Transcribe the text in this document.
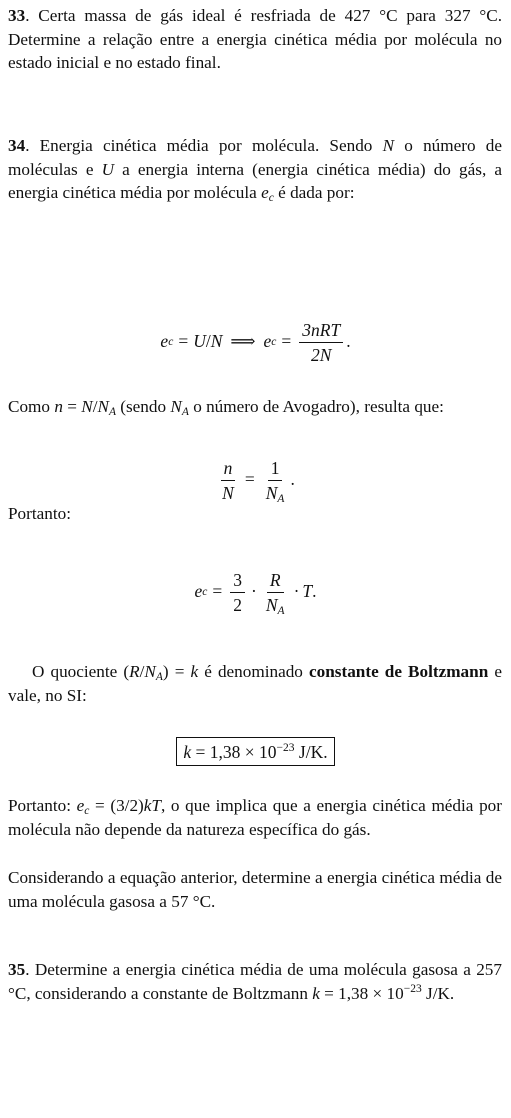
33. Certa massa de gás ideal é resfriada de 427 °C para 327 °C. Determine a relação entre a energia cinética média por molécula no estado inicial e no estado final.

34. Energia cinética média por molécula. Sendo N o número de moléculas e U a energia interna (energia cinética média) do gás, a energia cinética média por molécula $e_c$ é dada por:

e c = U / N ⟹ e $c = \frac{\text{3nRT}}{2N}$ .

Como $n = N/N_A$ (sendo $N_A$ o número de Avogadro), resulta que:

$\frac{n}{N} = \frac{1}{N_A}$ .

Portanto:

e $c = \frac{3}{2} \cdot \frac{R}{N_A} \cdot T$ .

O quociente $(R/N_A) = k$ é denominado constante de Boltzmann e vale, no SI:

$k = 1,38 \times 10^{-23}$ J/K.

Portanto: $e_c = (3/2)kT$, o que implica que a energia cinética média por molécula não depende da natureza específica do gás.

Considerando a equação anterior, determine a energia cinética média de uma molécula gasosa a 57 °C.

35. Determine a energia cinética média de uma molécula gasosa a 257 °C, considerando a constante de Boltzmann $k = 1,38 \times 10^{-23}$ J/K.
